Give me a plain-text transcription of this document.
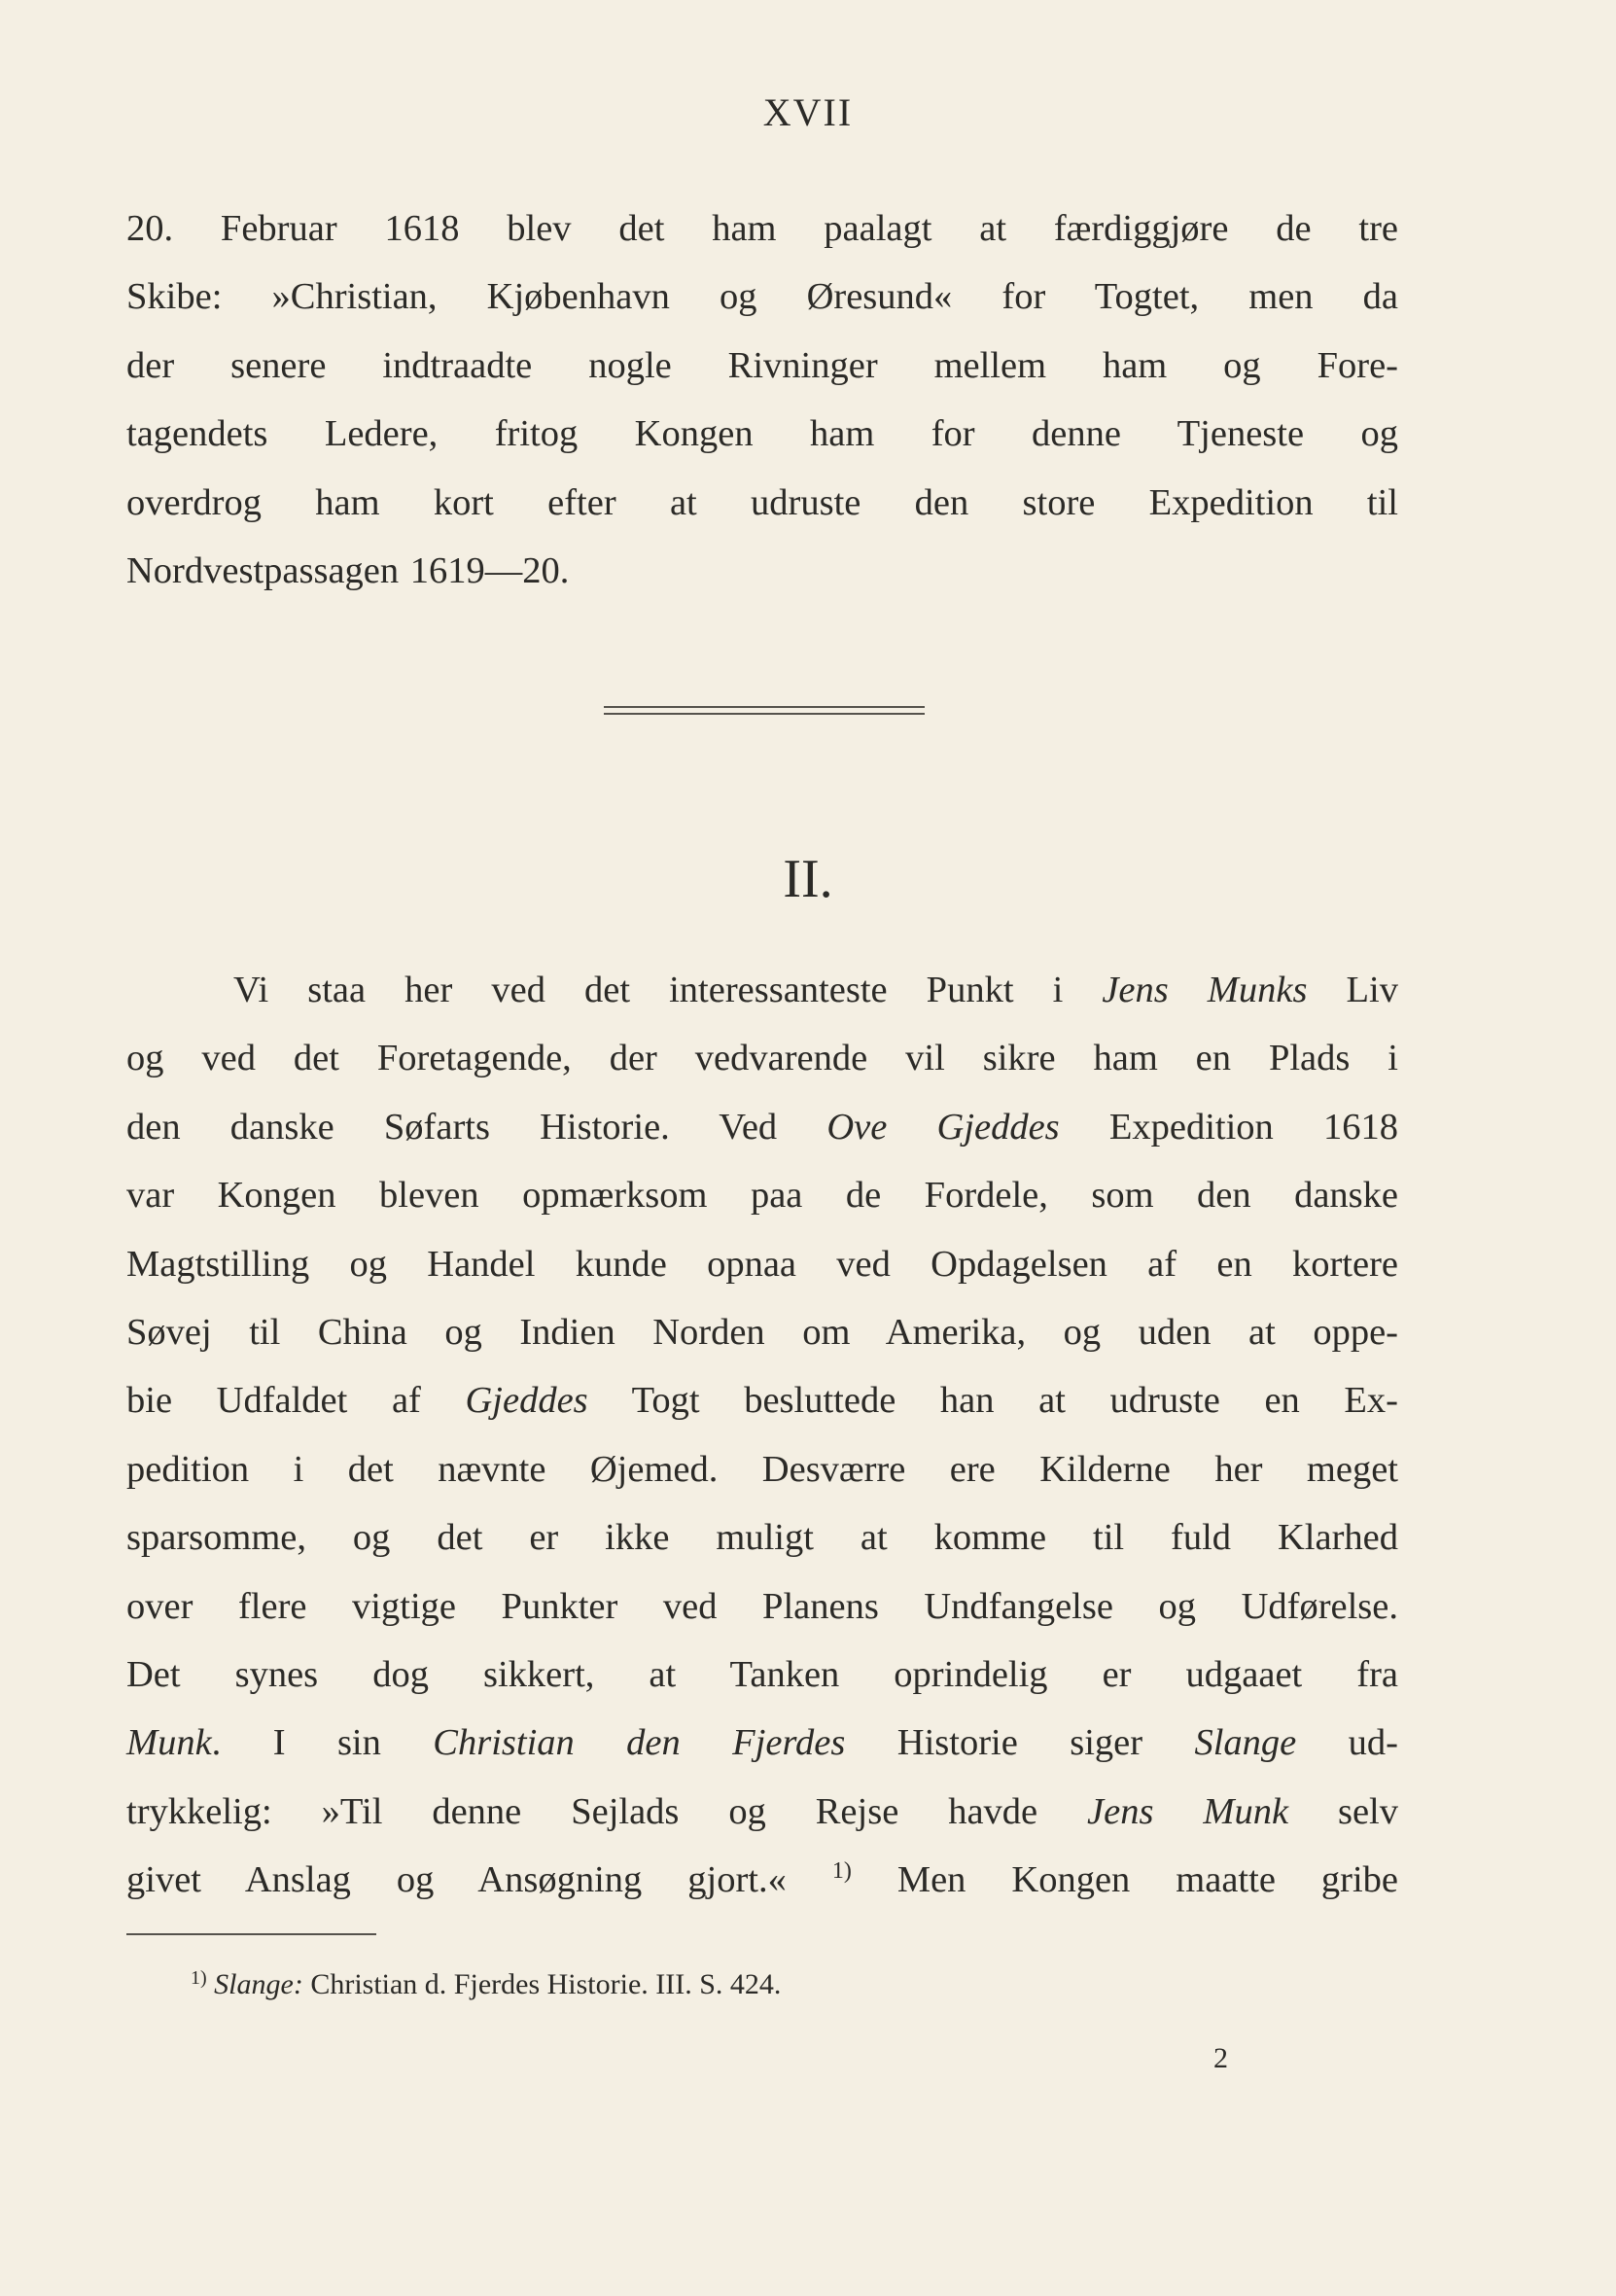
XVII
20. Februar 1618 blev det ham paalagt at færdiggjøre de tre
Skibe: »Christian, Kjøbenhavn og Øresund« for Togtet, men da
der senere indtraadte nogle Rivninger mellem ham og Fore-
tagendets Ledere, fritog Kongen ham for denne Tjeneste og
overdrog ham kort efter at udruste den store Expedition til
Nordvestpassagen 1619—20.
II.
Vi staa her ved det interessanteste Punkt i Jens Munks Liv
og ved det Foretagende, der vedvarende vil sikre ham en Plads i
den danske Søfarts Historie. Ved Ove Gjeddes Expedition 1618
var Kongen bleven opmærksom paa de Fordele, som den danske
Magtstilling og Handel kunde opnaa ved Opdagelsen af en kortere
Søvej til China og Indien Norden om Amerika, og uden at oppe-
bie Udfaldet af Gjeddes Togt besluttede han at udruste en Ex-
pedition i det nævnte Øjemed. Desværre ere Kilderne her meget
sparsomme, og det er ikke muligt at komme til fuld Klarhed
over flere vigtige Punkter ved Planens Undfangelse og Udførelse.
Det synes dog sikkert, at Tanken oprindelig er udgaaet fra
Munk. I sin Christian den Fjerdes Historie siger Slange ud-
trykkelig: »Til denne Sejlads og Rejse havde Jens Munk selv
givet Anslag og Ansøgning gjort.« $^{1)}$ Men Kongen maatte gribe
$^{1)}$ Slange: Christian d. Fjerdes Historie. III. S. 424.
2
